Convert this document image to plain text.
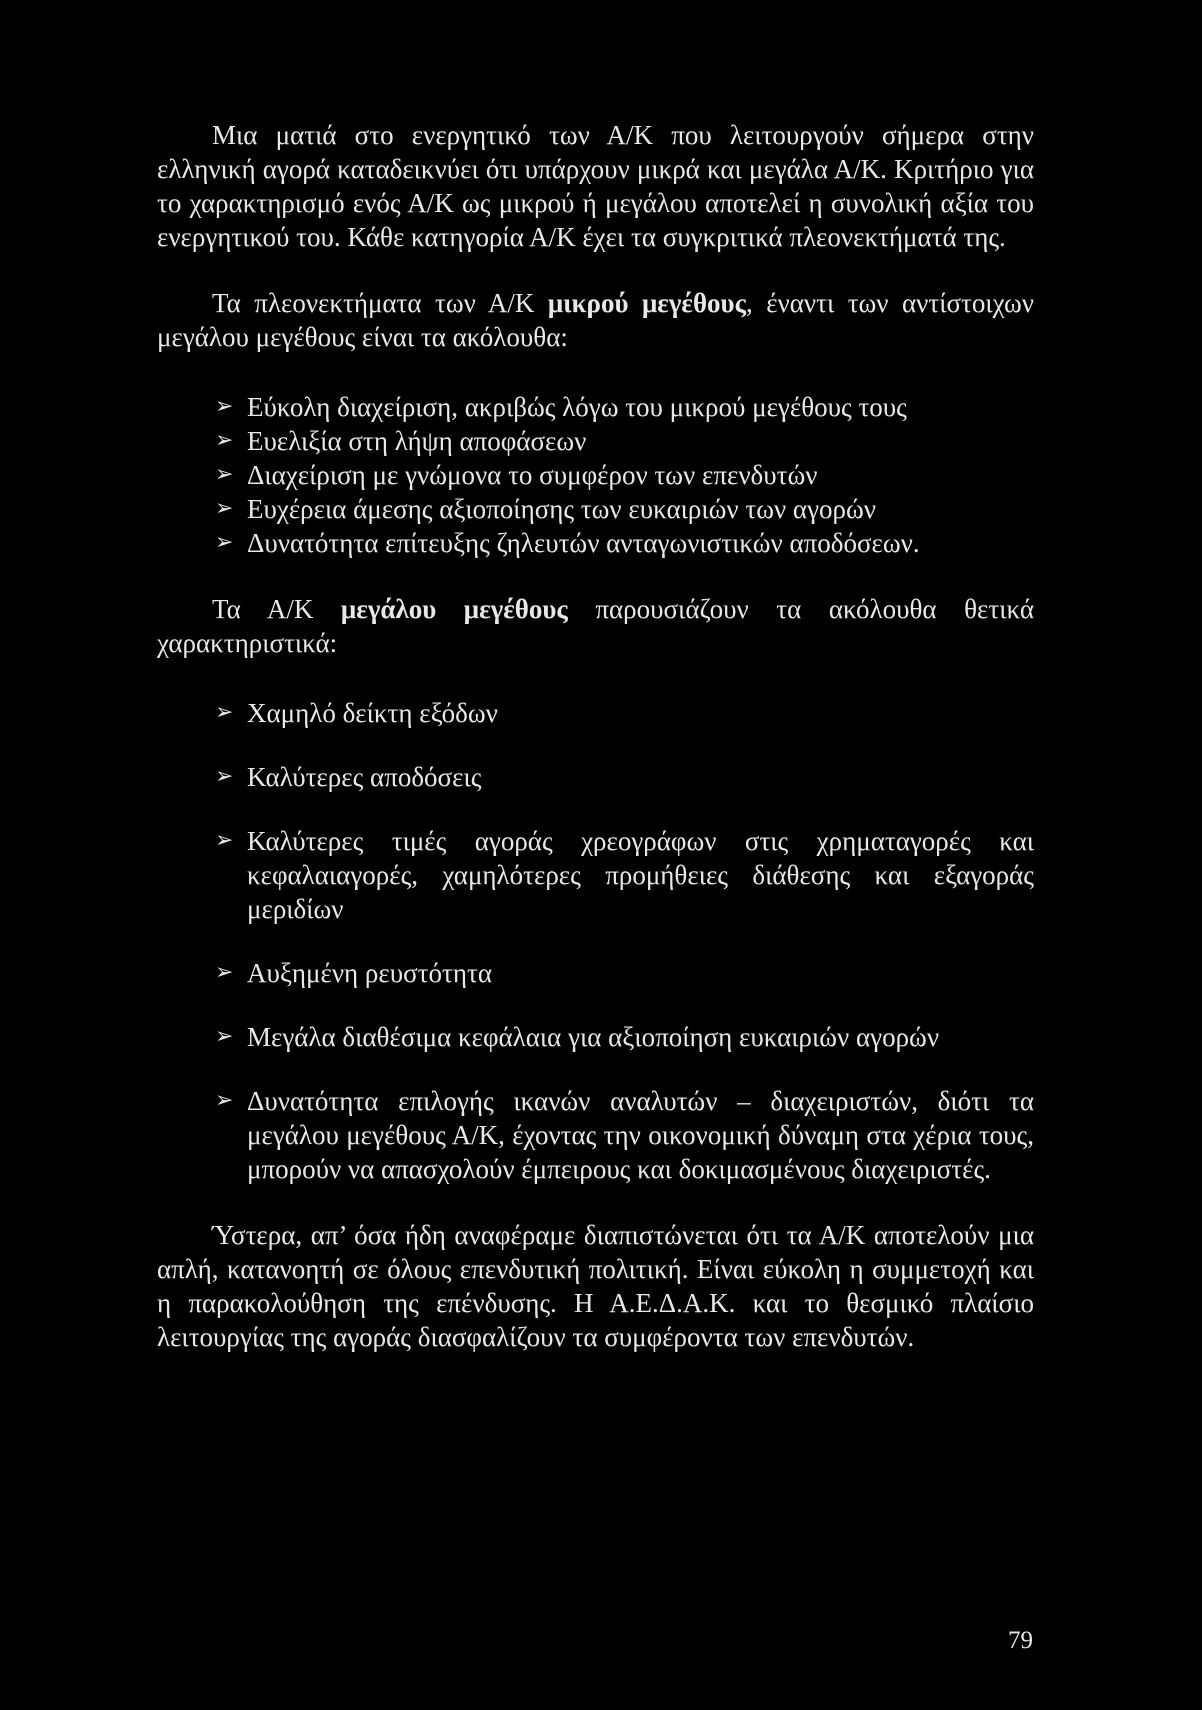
Μια ματιά στο ενεργητικό των Α/Κ που λειτουργούν σήμερα στην ελληνική αγορά καταδεικνύει ότι υπάρχουν μικρά και μεγάλα Α/Κ. Κριτήριο για το χαρακτηρισμό ενός Α/Κ ως μικρού ή μεγάλου αποτελεί η συνολική αξία του ενεργητικού του. Κάθε κατηγορία Α/Κ έχει τα συγκριτικά πλεονεκτήματά της.

Τα πλεονεκτήματα των Α/Κ μικρού μεγέθους, έναντι των αντίστοιχων μεγάλου μεγέθους είναι τα ακόλουθα:

➢ Εύκολη διαχείριση, ακριβώς λόγω του μικρού μεγέθους τους
➢ Ευελιξία στη λήψη αποφάσεων
➢ Διαχείριση με γνώμονα το συμφέρον των επενδυτών
➢ Ευχέρεια άμεσης αξιοποίησης των ευκαιριών των αγορών
➢ Δυνατότητα επίτευξης ζηλευτών ανταγωνιστικών αποδόσεων.

Τα Α/Κ μεγάλου μεγέθους παρουσιάζουν τα ακόλουθα θετικά χαρακτηριστικά:

➢ Χαμηλό δείκτη εξόδων
➢ Καλύτερες αποδόσεις
➢ Καλύτερες τιμές αγοράς χρεογράφων στις χρηματαγορές και κεφαλαιαγορές, χαμηλότερες προμήθειες διάθεσης και εξαγοράς μεριδίων
➢ Αυξημένη ρευστότητα
➢ Μεγάλα διαθέσιμα κεφάλαια για αξιοποίηση ευκαιριών αγορών
➢ Δυνατότητα επιλογής ικανών αναλυτών – διαχειριστών, διότι τα μεγάλου μεγέθους Α/Κ, έχοντας την οικονομική δύναμη στα χέρια τους, μπορούν να απασχολούν έμπειρους και δοκιμασμένους διαχειριστές.

Ύστερα, απ’ όσα ήδη αναφέραμε διαπιστώνεται ότι τα Α/Κ αποτελούν μια απλή, κατανοητή σε όλους επενδυτική πολιτική. Είναι εύκολη η συμμετοχή και η παρακολούθηση της επένδυσης. Η Α.Ε.Δ.Α.Κ. και το θεσμικό πλαίσιο λειτουργίας της αγοράς διασφαλίζουν τα συμφέροντα των επενδυτών.

79
